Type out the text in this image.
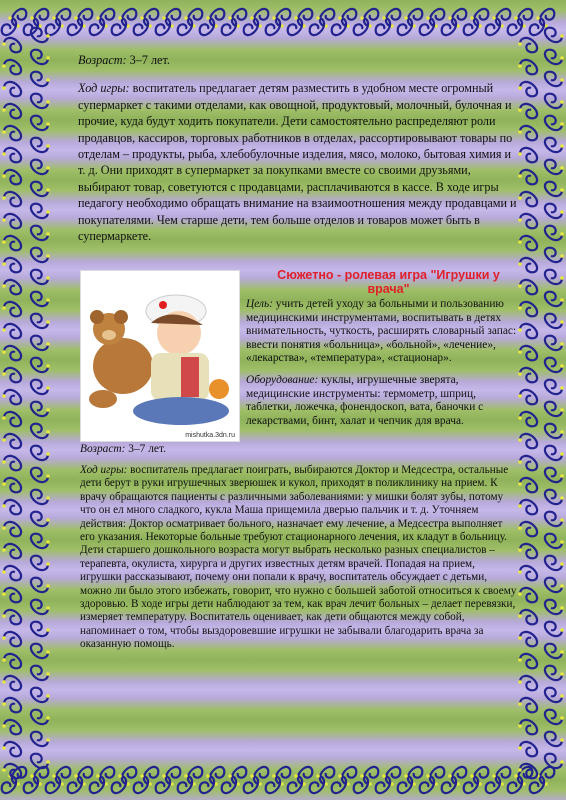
Возраст: 3–7 лет.
Ход игры: воспитатель предлагает детям разместить в удобном месте огромный супермаркет с такими отделами, как овощной, продуктовый, молочный, булочная и прочие, куда будут ходить покупатели. Дети самостоятельно распределяют роли продавцов, кассиров, торговых работников в отделах, рассортировывают товары по отделам – продукты, рыба, хлебобулочные изделия, мясо, молоко, бытовая химия и т. д. Они приходят в супермаркет за покупками вместе со своими друзьями, выбирают товар, советуются с продавцами, расплачиваются в кассе. В ходе игры педагогу необходимо обращать внимание на взаимоотношения между продавцами и покупателями. Чем старше дети, тем больше отделов и товаров может быть в супермаркете.
Сюжетно - ролевая игра "Игрушки у врача"
mishutka.3dn.ru

Цель: учить детей уходу за больными и пользованию медицинскими инструментами, воспитывать в детях внимательность, чуткость, расширять словарный запас: ввести понятия «больница», «больной», «лечение», «лекарства», «температура», «стационар».

Оборудование: куклы, игрушечные зверята, медицинские инструменты: термометр, шприц, таблетки, ложечка, фонендоскоп, вата, баночки с лекарствами, бинт, халат и чепчик для врача.

Возраст: 3–7 лет.
Ход игры: воспитатель предлагает поиграть, выбираются Доктор и Медсестра, остальные дети берут в руки игрушечных зверюшек и кукол, приходят в поликлинику на прием. К врачу обращаются пациенты с различными заболеваниями: у мишки болят зубы, потому что он ел много сладкого, кукла Маша прищемила дверью пальчик и т. д. Уточняем действия: Доктор осматривает больного, назначает ему лечение, а Медсестра выполняет его указания. Некоторые больные требуют стационарного лечения, их кладут в больницу. Дети старшего дошкольного возраста могут выбрать несколько разных специалистов – терапевта, окулиста, хирурга и других известных детям врачей. Попадая на прием, игрушки рассказывают, почему они попали к врачу, воспитатель обсуждает с детьми, можно ли было этого избежать, говорит, что нужно с большей заботой относиться к своему здоровью. В ходе игры дети наблюдают за тем, как врач лечит больных – делает перевязки, измеряет температуру. Воспитатель оценивает, как дети общаются между собой, напоминает о том, чтобы выздоровевшие игрушки не забывали благодарить врача за оказанную помощь.
